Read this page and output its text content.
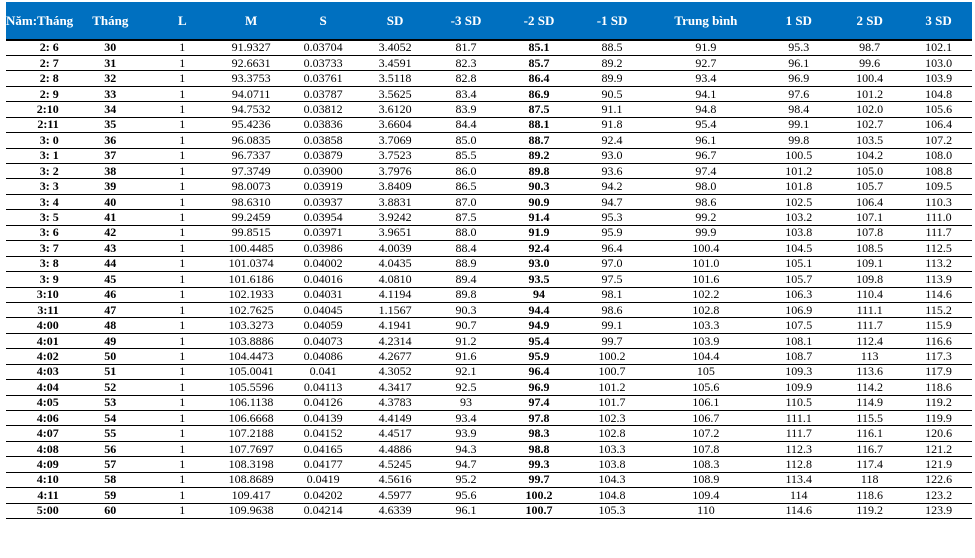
Năm:Tháng	Tháng	L	M	S	SD	-3 SD	-2 SD	-1 SD	Trung bình	1 SD	2 SD	3 SD
2: 6	30	1	91.9327	0.03704	3.4052	81.7	85.1	88.5	91.9	95.3	98.7	102.1
2: 7	31	1	92.6631	0.03733	3.4591	82.3	85.7	89.2	92.7	96.1	99.6	103.0
2: 8	32	1	93.3753	0.03761	3.5118	82.8	86.4	89.9	93.4	96.9	100.4	103.9
2: 9	33	1	94.0711	0.03787	3.5625	83.4	86.9	90.5	94.1	97.6	101.2	104.8
2:10	34	1	94.7532	0.03812	3.6120	83.9	87.5	91.1	94.8	98.4	102.0	105.6
2:11	35	1	95.4236	0.03836	3.6604	84.4	88.1	91.8	95.4	99.1	102.7	106.4
3: 0	36	1	96.0835	0.03858	3.7069	85.0	88.7	92.4	96.1	99.8	103.5	107.2
3: 1	37	1	96.7337	0.03879	3.7523	85.5	89.2	93.0	96.7	100.5	104.2	108.0
3: 2	38	1	97.3749	0.03900	3.7976	86.0	89.8	93.6	97.4	101.2	105.0	108.8
3: 3	39	1	98.0073	0.03919	3.8409	86.5	90.3	94.2	98.0	101.8	105.7	109.5
3: 4	40	1	98.6310	0.03937	3.8831	87.0	90.9	94.7	98.6	102.5	106.4	110.3
3: 5	41	1	99.2459	0.03954	3.9242	87.5	91.4	95.3	99.2	103.2	107.1	111.0
3: 6	42	1	99.8515	0.03971	3.9651	88.0	91.9	95.9	99.9	103.8	107.8	111.7
3: 7	43	1	100.4485	0.03986	4.0039	88.4	92.4	96.4	100.4	104.5	108.5	112.5
3: 8	44	1	101.0374	0.04002	4.0435	88.9	93.0	97.0	101.0	105.1	109.1	113.2
3: 9	45	1	101.6186	0.04016	4.0810	89.4	93.5	97.5	101.6	105.7	109.8	113.9
3:10	46	1	102.1933	0.04031	4.1194	89.8	94	98.1	102.2	106.3	110.4	114.6
3:11	47	1	102.7625	0.04045	1.1567	90.3	94.4	98.6	102.8	106.9	111.1	115.2
4:00	48	1	103.3273	0.04059	4.1941	90.7	94.9	99.1	103.3	107.5	111.7	115.9
4:01	49	1	103.8886	0.04073	4.2314	91.2	95.4	99.7	103.9	108.1	112.4	116.6
4:02	50	1	104.4473	0.04086	4.2677	91.6	95.9	100.2	104.4	108.7	113	117.3
4:03	51	1	105.0041	0.041	4.3052	92.1	96.4	100.7	105	109.3	113.6	117.9
4:04	52	1	105.5596	0.04113	4.3417	92.5	96.9	101.2	105.6	109.9	114.2	118.6
4:05	53	1	106.1138	0.04126	4.3783	93	97.4	101.7	106.1	110.5	114.9	119.2
4:06	54	1	106.6668	0.04139	4.4149	93.4	97.8	102.3	106.7	111.1	115.5	119.9
4:07	55	1	107.2188	0.04152	4.4517	93.9	98.3	102.8	107.2	111.7	116.1	120.6
4:08	56	1	107.7697	0.04165	4.4886	94.3	98.8	103.3	107.8	112.3	116.7	121.2
4:09	57	1	108.3198	0.04177	4.5245	94.7	99.3	103.8	108.3	112.8	117.4	121.9
4:10	58	1	108.8689	0.0419	4.5616	95.2	99.7	104.3	108.9	113.4	118	122.6
4:11	59	1	109.417	0.04202	4.5977	95.6	100.2	104.8	109.4	114	118.6	123.2
5:00	60	1	109.9638	0.04214	4.6339	96.1	100.7	105.3	110	114.6	119.2	123.9
